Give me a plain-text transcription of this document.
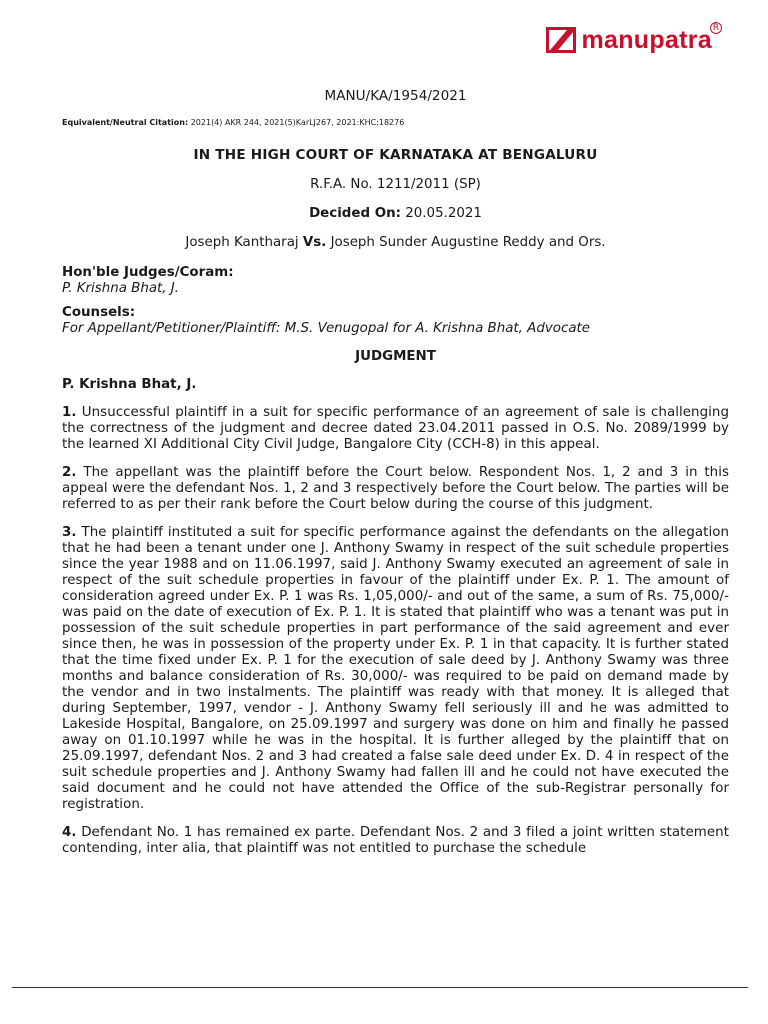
manupatra R
MANU/KA/1954/2021
Equivalent/Neutral Citation: 2021(4) AKR 244, 2021(5)KarLJ267, 2021:KHC:18276
IN THE HIGH COURT OF KARNATAKA AT BENGALURU
R.F.A. No. 1211/2011 (SP)
Decided On: 20.05.2021
Joseph Kantharaj Vs. Joseph Sunder Augustine Reddy and Ors.
Hon'ble Judges/Coram:
P. Krishna Bhat, J.
Counsels:
For Appellant/Petitioner/Plaintiff: M.S. Venugopal for A. Krishna Bhat, Advocate
JUDGMENT
P. Krishna Bhat, J.

1. Unsuccessful plaintiff in a suit for specific performance of an agreement of sale is challenging the correctness of the judgment and decree dated 23.04.2011 passed in O.S. No. 2089/1999 by the learned XI Additional City Civil Judge, Bangalore City (CCH-8) in this appeal.

2. The appellant was the plaintiff before the Court below. Respondent Nos. 1, 2 and 3 in this appeal were the defendant Nos. 1, 2 and 3 respectively before the Court below. The parties will be referred to as per their rank before the Court below during the course of this judgment.

3. The plaintiff instituted a suit for specific performance against the defendants on the allegation that he had been a tenant under one J. Anthony Swamy in respect of the suit schedule properties since the year 1988 and on 11.06.1997, said J. Anthony Swamy executed an agreement of sale in respect of the suit schedule properties in favour of the plaintiff under Ex. P. 1. The amount of consideration agreed under Ex. P. 1 was Rs. 1,05,000/- and out of the same, a sum of Rs. 75,000/- was paid on the date of execution of Ex. P. 1. It is stated that plaintiff who was a tenant was put in possession of the suit schedule properties in part performance of the said agreement and ever since then, he was in possession of the property under Ex. P. 1 in that capacity. It is further stated that the time fixed under Ex. P. 1 for the execution of sale deed by J. Anthony Swamy was three months and balance consideration of Rs. 30,000/- was required to be paid on demand made by the vendor and in two instalments. The plaintiff was ready with that money. It is alleged that during September, 1997, vendor - J. Anthony Swamy fell seriously ill and he was admitted to Lakeside Hospital, Bangalore, on 25.09.1997 and surgery was done on him and finally he passed away on 01.10.1997 while he was in the hospital. It is further alleged by the plaintiff that on 25.09.1997, defendant Nos. 2 and 3 had created a false sale deed under Ex. D. 4 in respect of the suit schedule properties and J. Anthony Swamy had fallen ill and he could not have executed the said document and he could not have attended the Office of the sub-Registrar personally for registration.

4. Defendant No. 1 has remained ex parte. Defendant Nos. 2 and 3 filed a joint written statement contending, inter alia, that plaintiff was not entitled to purchase the schedule
